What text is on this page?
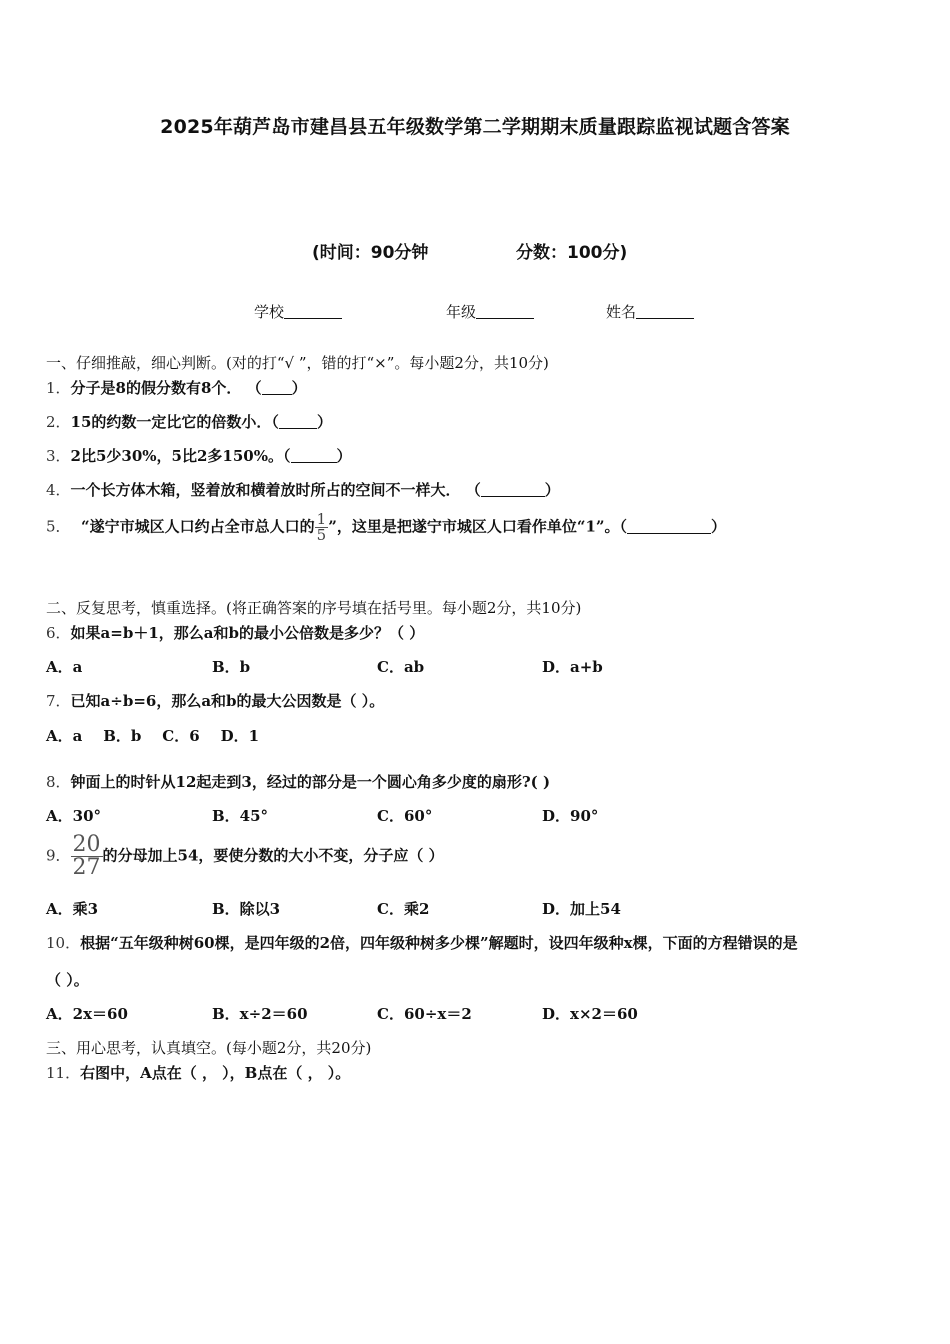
2025年葫芦岛市建昌县五年级数学第二学期期末质量跟踪监视试题含答案
(时间：90分钟	分数：100分)
学校	年级	姓名
一、仔细推敲，细心判断。(对的打“√ ”，错的打“×”。每小题2分，共10分)
1．分子是8的假分数有8个． （ ）
2．15的约数一定比它的倍数小．（	）
3．2比5少30%，5比2多150%。（	）
4．一个长方体木箱，竖着放和横着放时所占的空间不一样大． （	）
5． “遂宁市城区人口约占全市总人口的 $\frac{1}{5}$ ”，这里是把遂宁市城区人口看作单位“1”。（	）
二、反复思考，慎重选择。(将正确答案的序号填在括号里。每小题2分，共10分)
6．如果a=b＋1，那么a和b的最小公倍数是多少？（ ）
A．a	B．b	C．ab	D．a+b
7．已知a÷b=6，那么a和b的最大公因数是（ ）。
A．a    B．b    C．6    D．1
8．钟面上的时针从12起走到3，经过的部分是一个圆心角多少度的扇形?( )
A．30°	B．45°	C．60°	D．90°
9． $\frac{20}{27}$ 的分母加上54，要使分数的大小不变，分子应（ ）
A．乘3	B．除以3	C．乘2	D．加上54
10．根据“五年级种树60棵，是四年级的2倍，四年级种树多少棵”解题时，设四年级种x棵，下面的方程错误的是
（ ）。
A．2x＝60	B．x÷2＝60	C．60÷x＝2	D．x×2＝60
三、用心思考，认真填空。(每小题2分，共20分)
11．右图中，A点在（ ， ），B点在（ ， ）。
